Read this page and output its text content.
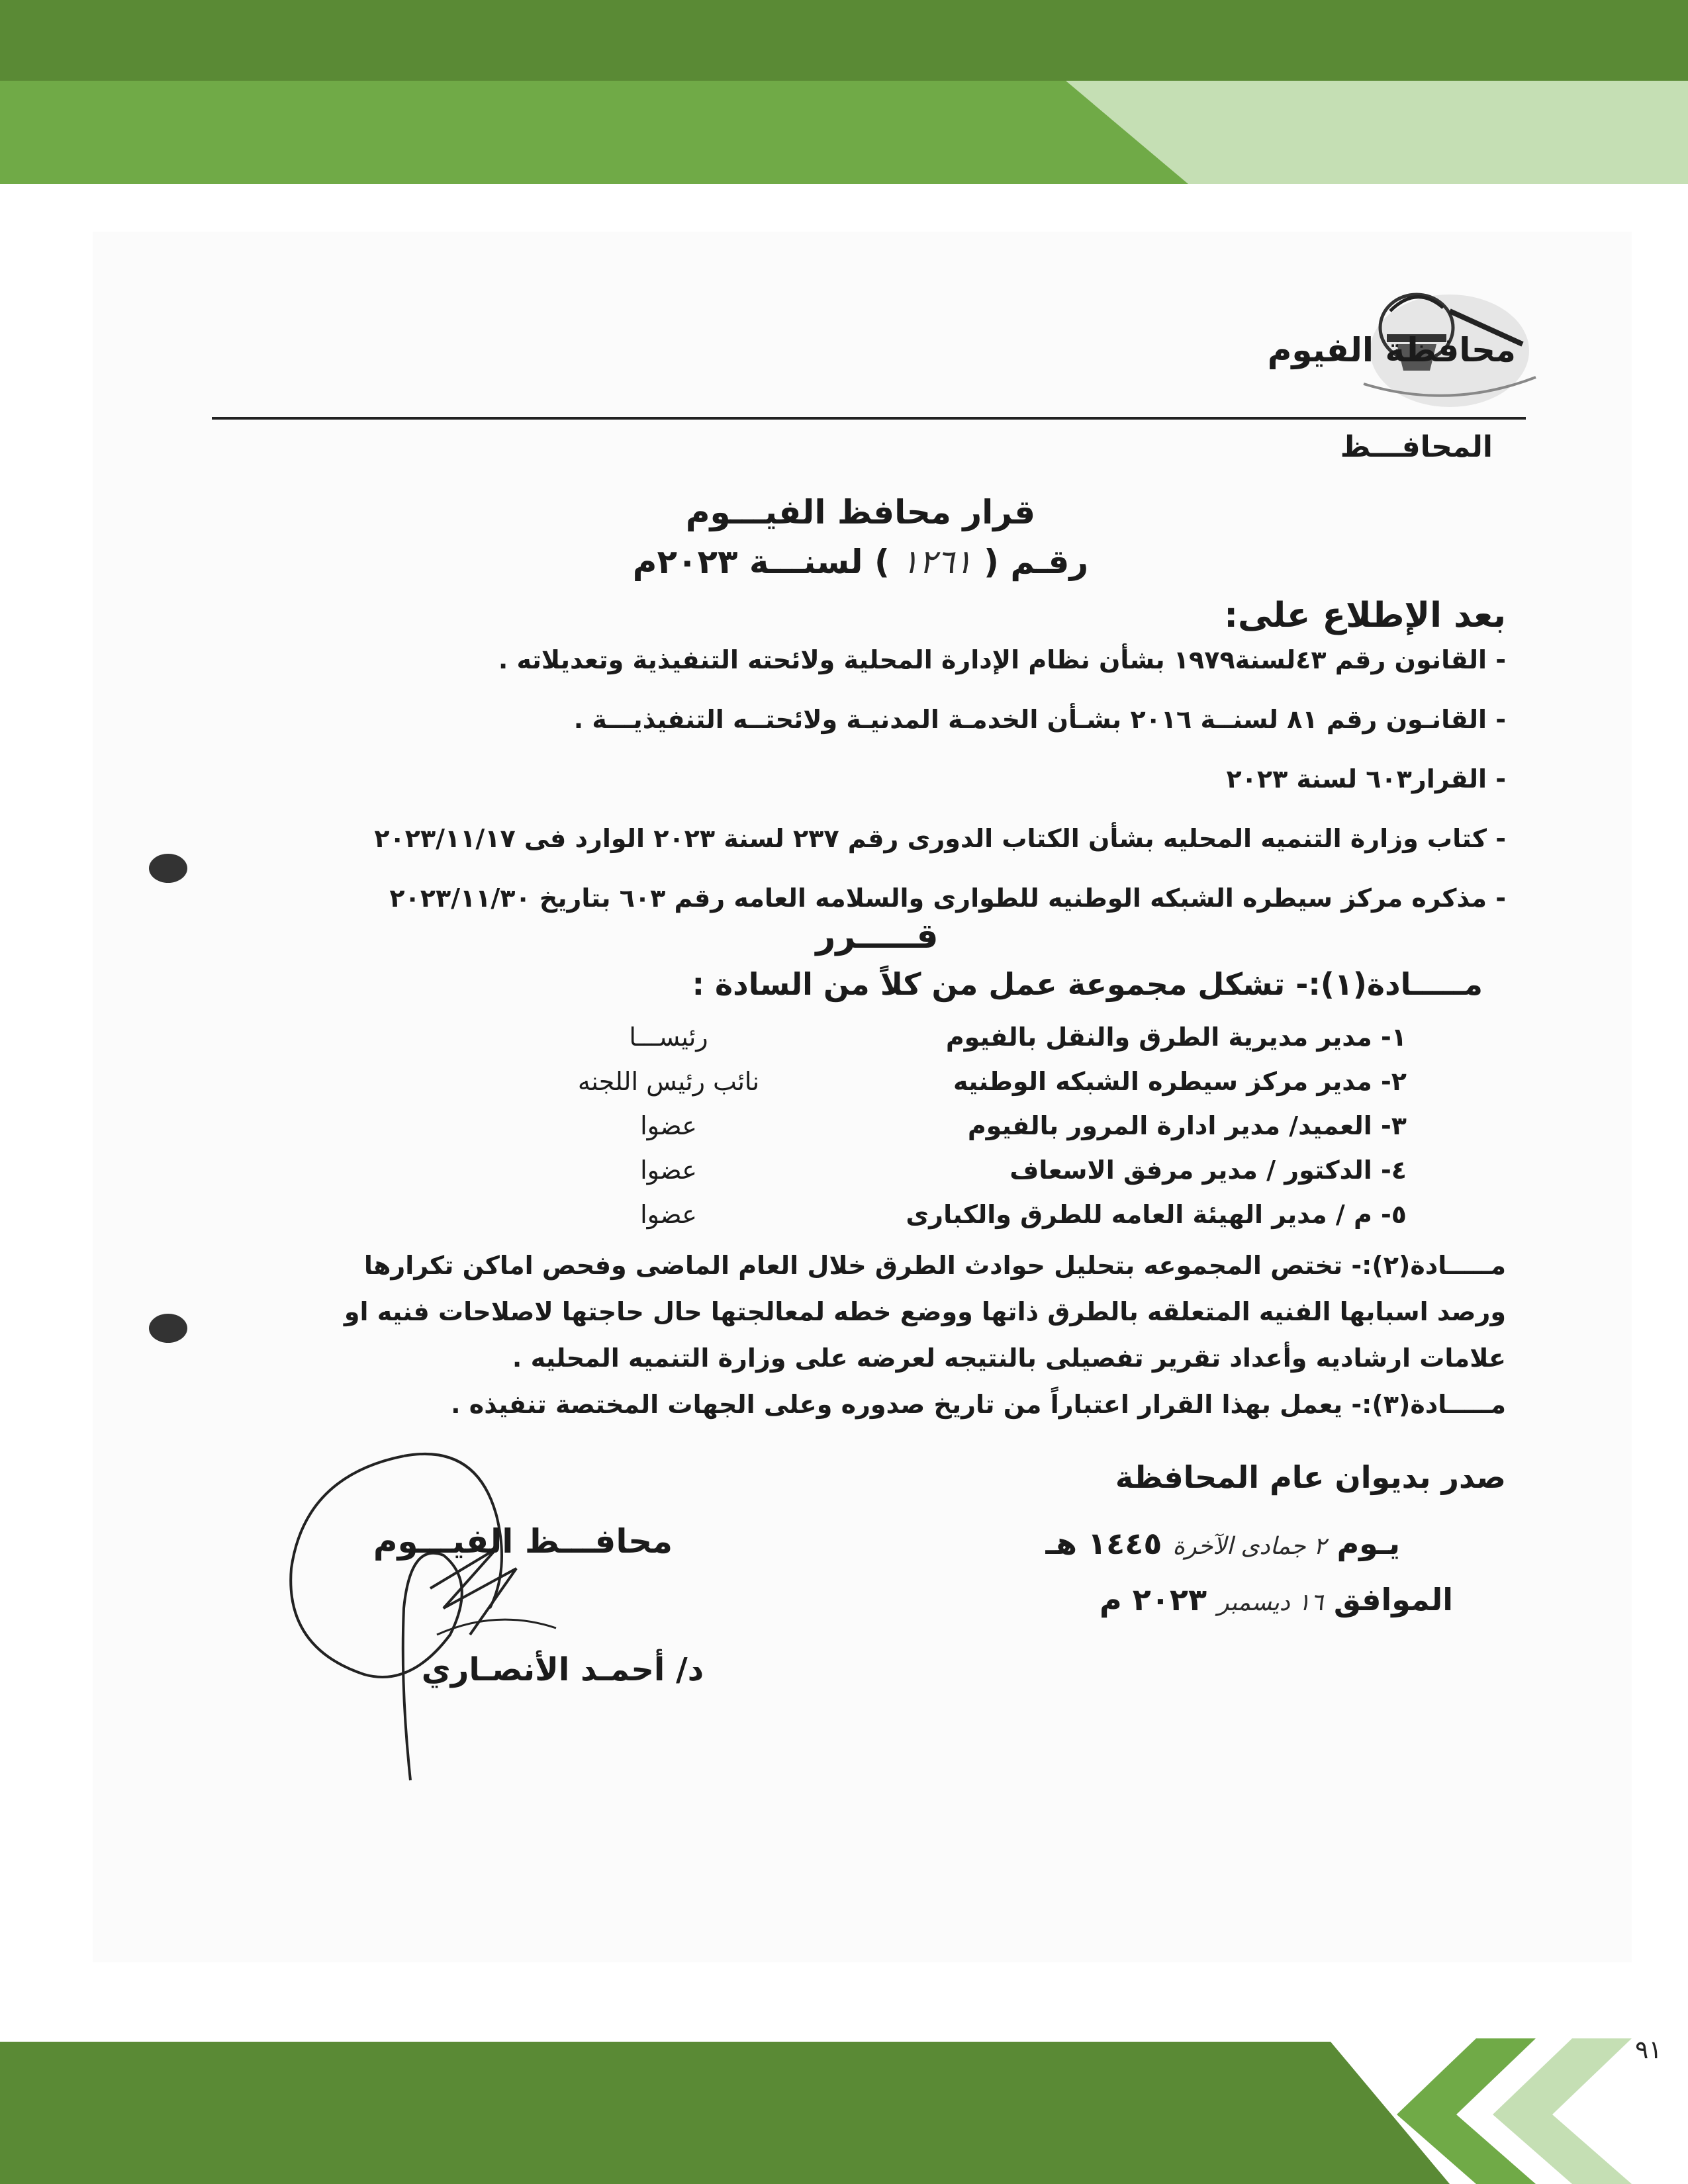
محافظة الفيوم
المحافـــظ
قرار محافظ الفيـــوم
رقـم ( ١٢٦١ ) لسنـــة ٢٠٢٣م
بعد الإطلاع على:
- القانون رقم ٤٣لسنة١٩٧٩ بشأن نظام الإدارة المحلية ولائحته التنفيذية وتعديلاته .
- القانـون رقم ٨١ لسنــة ٢٠١٦ بشـأن الخدمـة المدنيـة ولائحتــه التنفيذيـــة .
- القرار٦٠٣ لسنة ٢٠٢٣
- كتاب وزارة التنميه المحليه بشأن الكتاب الدورى رقم ٢٣٧ لسنة ٢٠٢٣ الوارد فى ٢٠٢٣/١١/١٧
- مذكره مركز سيطره الشبكه الوطنيه للطوارى والسلامه العامه رقم ٦٠٣ بتاريخ ٢٠٢٣/١١/٣٠
قـــــرر
مـــــادة(١):- تشكل مجموعة عمل من كلاً من السادة :
١- مدير مديرية الطرق والنقل بالفيوم
رئيســـا
٢- مدير مركز سيطره الشبكه الوطنيه
نائب رئيس اللجنه
٣- العميد/ مدير ادارة المرور بالفيوم
عضوا
٤- الدكتور / مدير مرفق الاسعاف
عضوا
٥- م / مدير الهيئة العامه للطرق والكبارى
عضوا
مـــــادة(٢):- تختص المجموعه بتحليل حوادث الطرق خلال العام الماضى وفحص اماكن تكرارها
ورصد اسبابها الفنيه المتعلقه بالطرق ذاتها ووضع خطه لمعالجتها حال حاجتها لاصلاحات فنيه او
علامات ارشاديه وأعداد تقرير تفصيلى بالنتيجه لعرضه على وزارة التنميه المحليه .
مـــــادة(٣):- يعمل بهذا القرار اعتباراً من تاريخ صدوره وعلى الجهات المختصة تنفيذه .
صدر بديوان عام المحافظة
يـوم ٢ جمادى الآخرة ١٤٤٥ هـ
الموافق ١٦ ديسمبر ٢٠٢٣ م
محافـــظ الفيـــوم
د/ أحمـد الأنصـاري
٩١
